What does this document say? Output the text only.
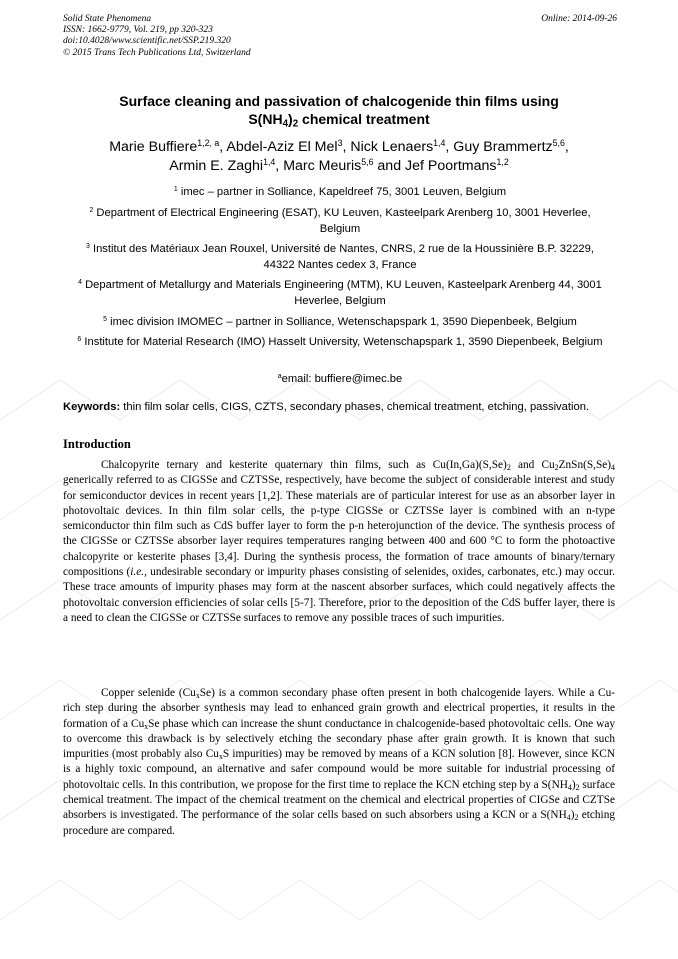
Solid State Phenomena
ISSN: 1662-9779, Vol. 219, pp 320-323
doi:10.4028/www.scientific.net/SSP.219.320
© 2015 Trans Tech Publications Ltd, Switzerland
Online: 2014-09-26
Surface cleaning and passivation of chalcogenide thin films using
$S(NH_4)_2$ chemical treatment
Marie Buffiere$^{1,2, a}$, Abdel-Aziz El Mel$^3$, Nick Lenaers$^{1,4}$, Guy Brammertz$^{5,6}$,
Armin E. Zaghi$^{1,4}$, Marc Meuris$^{5,6}$ and Jef Poortmans$^{1,2}$
$^1$ imec – partner in Solliance, Kapeldreef 75, 3001 Leuven, Belgium
$^2$ Department of Electrical Engineering (ESAT), KU Leuven, Kasteelpark Arenberg 10, 3001 Heverlee, Belgium
$^3$ Institut des Matériaux Jean Rouxel, Université de Nantes, CNRS, 2 rue de la Houssinière B.P. 32229, 44322 Nantes cedex 3, France
$^4$ Department of Metallurgy and Materials Engineering (MTM), KU Leuven, Kasteelpark Arenberg 44, 3001 Heverlee, Belgium
$^5$ imec division IMOMEC – partner in Solliance, Wetenschapspark 1, 3590 Diepenbeek, Belgium
$^6$ Institute for Material Research (IMO) Hasselt University, Wetenschapspark 1, 3590 Diepenbeek, Belgium
$^a$email: buffiere@imec.be
Keywords: thin film solar cells, CIGS, CZTS, secondary phases, chemical treatment, etching, passivation.
Introduction

Chalcopyrite ternary and kesterite quaternary thin films, such as $Cu(In,Ga)(S,Se)_2$ and $Cu_2ZnSn(S,Se)_4$ generically referred to as CIGSSe and CZTSSe, respectively, have become the subject of considerable interest and study for semiconductor devices in recent years [1,2]. These materials are of particular interest for use as an absorber layer in photovoltaic devices. In thin film solar cells, the p-type CIGSSe or CZTSSe layer is combined with an n-type semiconductor thin film such as CdS buffer layer to form the p-n heterojunction of the device. The synthesis process of the CIGSSe or CZTSSe absorber layer requires temperatures ranging between 400 and 600 °C to form the photoactive chalcopyrite or kesterite phases [3,4]. During the synthesis process, the formation of trace amounts of binary/ternary compositions (i.e., undesirable secondary or impurity phases consisting of selenides, oxides, carbonates, etc.) may occur. These trace amounts of impurity phases may form at the nascent absorber surfaces, which could negatively affects the photovoltaic conversion efficiencies of solar cells [5-7]. Therefore, prior to the deposition of the CdS buffer layer, there is a need to clean the CIGSSe or CZTSSe surfaces to remove any possible traces of such impurities.

Copper selenide $(Cu_xSe)$ is a common secondary phase often present in both chalcogenide layers. While a Cu-rich step during the absorber synthesis may lead to enhanced grain growth and electrical properties, it results in the formation of a $Cu_xSe$ phase which can increase the shunt conductance in chalcogenide-based photovoltaic cells. One way to overcome this drawback is by selectively etching the secondary phase after grain growth. It is known that such impurities (most probably also $Cu_xS$ impurities) may be removed by means of a KCN solution [8]. However, since KCN is a highly toxic compound, an alternative and safer compound would be more suitable for industrial processing of photovoltaic cells. In this contribution, we propose for the first time to replace the KCN etching step by a $S(NH_4)_2$ surface chemical treatment. The impact of the chemical treatment on the chemical and electrical properties of CIGSe and CZTSe absorbers is investigated. The performance of the solar cells based on such absorbers using a KCN or a $S(NH_4)_2$ etching procedure are compared.
